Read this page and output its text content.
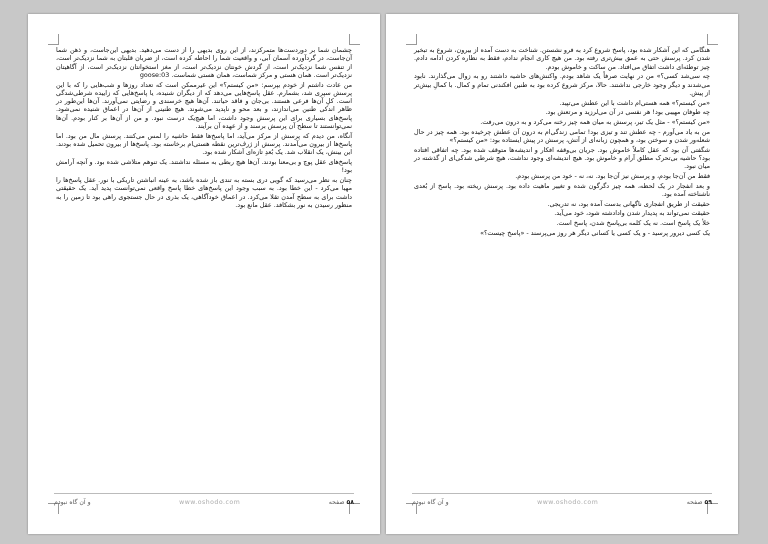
چشمان شما بر دوردست‌ها متمرکزند، از این روی بدیهی را از دست می‌دهید. بدیهی این‌جاست، و ذهن شما آن‌جاست، در گردآورده آسمان آبی، و واقعیت شما را احاطه کرده است، از ضربان قلبتان به شما نزدیک‌تر است، از تنفس شما نزدیک‌تر است، از گردش خونتان نزدیک‌تر است، از مغز استخوانتان نزدیک‌تر است، از آگاهیتان نزدیک‌تر است. همان هستی و مرکز شماست، همان هستی شماست. goose:03

من عادت داشتم از خودم بپرسم: «من کیستم؟» این غیرممکن است که تعداد روزها و شب‌هایی را که با این پرسش سپری شد، بشمارم. عقل پاسخ‌هایی می‌دهد که از دیگران شنیده، یا پاسخ‌هایی که زاییده شرطی‌شدگی است. کلِ آن‌ها فرعی هستند. بی‌جان و فاقد حیاتند. آن‌ها هیچ خرسندی و رضایتی نمی‌آورند. آن‌ها این‌طور در ظاهر اندکی طنین می‌اندازند، و بعد محو و ناپدید می‌شوند. هیچ طنینی از آن‌ها در اعماق شنیده نمی‌شود. پاسخ‌های بسیاری برای این پرسش وجود داشت، اما هیچ‌یک درست نبود. و من از آن‌ها بر کنار بودم. آن‌ها نمی‌توانستند تا سطح آن پرسش برسند و از عهده آن برآیند.

آنگاه، من دیدم که پرسش از مرکز می‌آید، اما پاسخ‌ها فقط حاشیه را لمس می‌کنند. پرسش مال من بود. اما پاسخ‌ها از بیرون می‌آمدند. پرسش از ژرف‌ترین نقطه هستی‌ام برخاسته بود. پاسخ‌ها از بیرون تحمیل شده بودند. این بینش، یک انقلاب شد. یک بُعدِ تازه‌ای آشکار شده بود.

پاسخ‌های عقل پوچ و بی‌معنا بودند. آن‌ها هیچ ربطی به مسئله نداشتند. یک تنوهم متلاشی شده بود. و آنچه آرامش بود!

چنان به نظر می‌رسید که گویی دری بسته به تندی باز شده باشد، به عینه انباشتن تاریکی با نور. عقل پاسخ‌ها را مهیا می‌کرد - این خطا بود. به سبب وجود این پاسخ‌های خطا پاسخ واقعی نمی‌توانست پدید آید. یک حقیقتی داشت برای به سطح آمدن تقلا می‌کرد. در اعماق خودآگاهی، یک بذری در حال جستجوی راهی بود تا زمین را به منظور رسیدن به نور بشکافد. عقل مانع بود.

۵۸ صفحه
www.oshodo.com
و آن گاه نبودم

هنگامی که این آشکار شده بود، پاسخ شروع کرد به فرو نشستن. شناخت به دست آمده از بیرون، شروع به تبخیر شدن کرد. پرسش حتی به عمق بیش‌تری رفته بود. من هیچ کاری انجام ندادم، فقط به نظاره کردن ادامه دادم. چیز توطئه‌ای داشت اتفاق می‌افتاد. من ساکت و خاموش بودم.

چه سی‌شد کسی؟» من در نهایت صرفاً یک شاهد بودم. واکنش‌های حاشیه داشتند رو به زوال می‌گذارند. نابود می‌شدند و دیگر وجود خارجی نداشتند. حالا، مرکز شروع کرده بود به طنین افکندنی تمام و کمال. با کمالِ بیش‌تر از پیش.

«من کیستم؟» همه هستی‌ام داشت با این عطش می‌تپید.

چه طوفان مهیبی بود! هر نفسی در آن می‌لرزید و مرتعش بود.

«من کیستم؟» - مثل یک تیر، پرسش به میان همه چیز رخنه می‌کرد و به درون می‌رفت.

من به یاد می‌آورم - چه عطش تند و تیزی بود! تمامی زندگی‌ام به درون آن عطش چرخیده بود. همه چیز در حال شعله‌ور شدن و سوختن بود، و همچون زبانه‌ای از آتش، پرسش در پیش ایستاده بود: «من کیستم؟»

شگفتی آن بود که عقل کاملاً خاموش بود. جریان بی‌وقفه افکار و اندیشه‌ها متوقف شده بود. چه اتفاقی افتاده بود؟ حاشیه بی‌تحرک مطلق آرام و خاموش بود. هیچ اندیشه‌ای وجود نداشت، هیچ شرطی شدگی‌ای از گذشته در میان نبود.

فقط من آن‌جا بودم، و پرسش نیز آن‌جا بود. نه، نه - خود من پرسش بودم.

و بعد انفجار در یک لحظه، همه چیز دگرگون شده و تغییر ماهیت داده بود. پرسش ریخته بود. پاسخ از بُعدی ناشناخته آمده بود.

حقیقت از طریق انفجاری ناگهانی بدست آمده بود، نه تدریجی.

حقیقت نمی‌تواند به پدیدار شدن وادادشته شود، خود می‌آید.

خلأ یک پاسخ است. نه یک کلمه بی‌پاسخ شدن، پاسخ است.

یک کسی دیرور پرسید - و یک کسی یا کسانی دیگر هر روز می‌پرسند - «پاسخ چیست؟»

۵۹ صفحه
www.oshodo.com
و آن گاه نبودم
